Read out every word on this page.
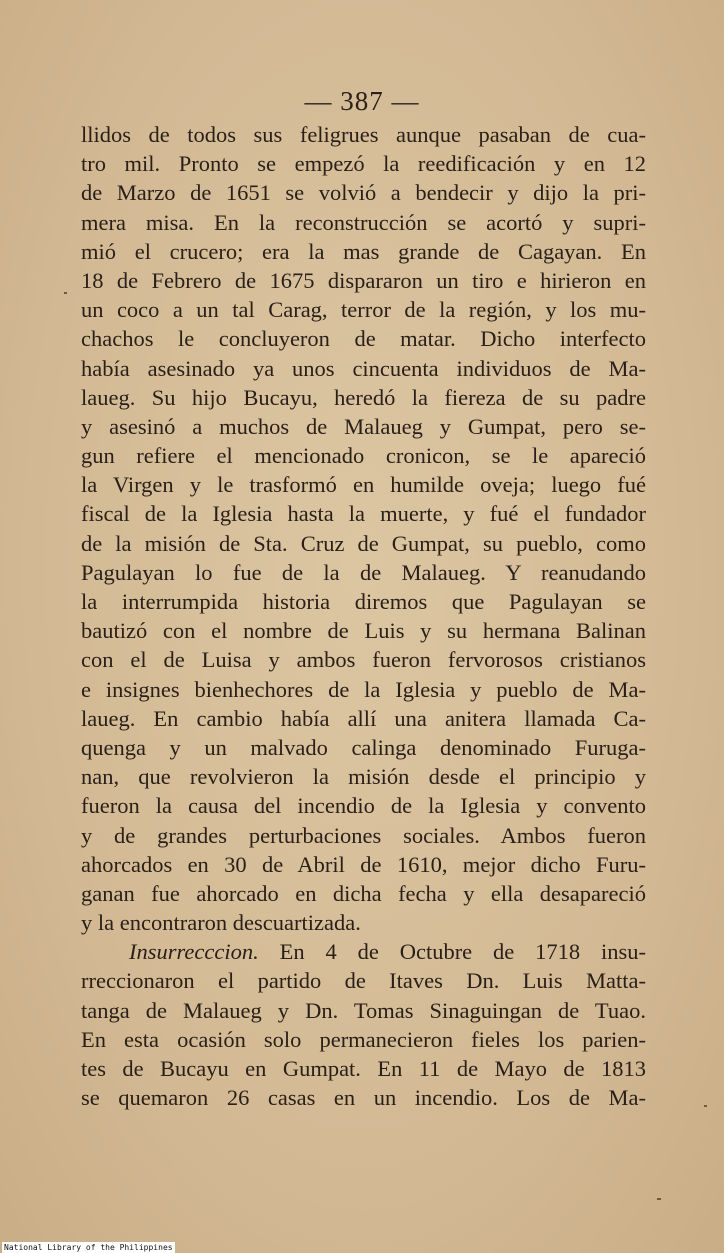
— 387 —
llidos de todos sus feligrues aunque pasaban de cua-
tro mil. Pronto se empezó la reedificación y en 12
de Marzo de 1651 se volvió a bendecir y dijo la pri-
mera misa. En la reconstrucción se acortó y supri-
mió el crucero; era la mas grande de Cagayan. En
18 de Febrero de 1675 dispararon un tiro e hirieron en
un coco a un tal Carag, terror de la región, y los mu-
chachos le concluyeron de matar. Dicho interfecto
había asesinado ya unos cincuenta individuos de Ma-
laueg. Su hijo Bucayu, heredó la fiereza de su padre
y asesinó a muchos de Malaueg y Gumpat, pero se-
gun refiere el mencionado cronicon, se le apareció
la Virgen y le trasformó en humilde oveja; luego fué
fiscal de la Iglesia hasta la muerte, y fué el fundador
de la misión de Sta. Cruz de Gumpat, su pueblo, como
Pagulayan lo fue de la de Malaueg. Y reanudando
la interrumpida historia diremos que Pagulayan se
bautizó con el nombre de Luis y su hermana Balinan
con el de Luisa y ambos fueron fervorosos cristianos
e insignes bienhechores de la Iglesia y pueblo de Ma-
laueg. En cambio había allí una anitera llamada Ca-
quenga y un malvado calinga denominado Furuga-
nan, que revolvieron la misión desde el principio y
fueron la causa del incendio de la Iglesia y convento
y de grandes perturbaciones sociales. Ambos fueron
ahorcados en 30 de Abril de 1610, mejor dicho Furu-
ganan fue ahorcado en dicha fecha y ella desapareció
y la encontraron descuartizada.
Insurrecccion. En 4 de Octubre de 1718 insu-
rreccionaron el partido de Itaves Dn. Luis Matta-
tanga de Malaueg y Dn. Tomas Sinaguingan de Tuao.
En esta ocasión solo permanecieron fieles los parien-
tes de Bucayu en Gumpat. En 11 de Mayo de 1813
se quemaron 26 casas en un incendio. Los de Ma-
National Library of the Philippines
